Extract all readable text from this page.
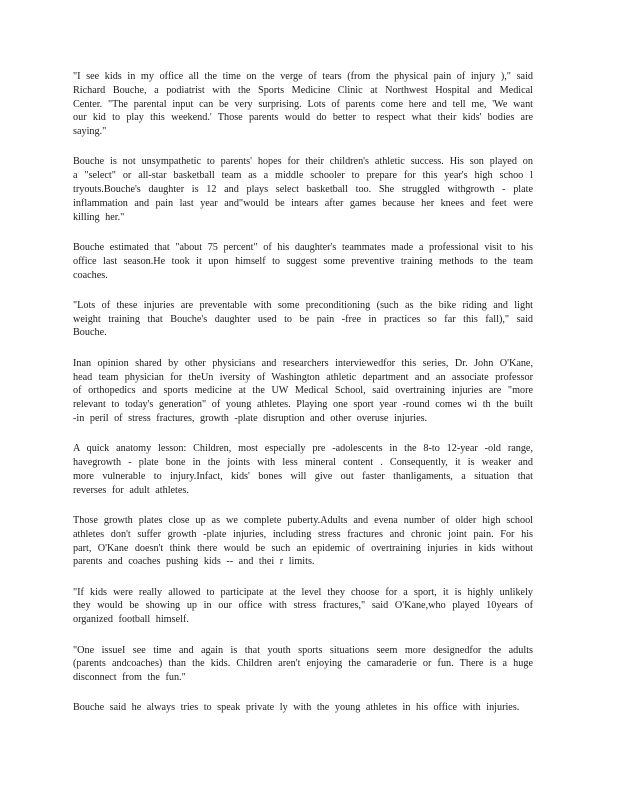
"I see kids in my office all the time on the verge of tears (from the physical pain of injury )," said Richard Bouche, a podiatrist with the Sports Medicine Clinic at Northwest Hospital and Medical Center. "The parental input can be very surprising. Lots of parents come here and tell me, 'We want our kid to play this weekend.' Those parents would do better to respect what their kids' bodies are saying."

Bouche is not unsympathetic to parents' hopes for their children's athletic success. His son played on a "select" or all-star basketball team as a middle schooler to prepare for this year's high schoo l tryouts.Bouche's daughter is 12 and plays select basketball too. She struggled withgrowth - plate inflammation and pain last year and"would be intears after games because her knees and feet were killing her."

Bouche estimated that "about 75 percent" of his daughter's teammates made a professional visit to his office last season.He took it upon himself to suggest some preventive training methods to the team coaches.

"Lots of these injuries are preventable with some preconditioning (such as the bike riding and light weight training that Bouche's daughter used to be pain -free in practices so far this fall)," said Bouche.

Inan opinion shared by other physicians and researchers interviewedfor this series, Dr. John O'Kane, head team physician for theUn iversity of Washington athletic department and an associate professor of orthopedics and sports medicine at the UW Medical School, said overtraining injuries are "more relevant to today's generation" of young athletes. Playing one sport year -round comes wi th the built -in peril of stress fractures, growth -plate disruption and other overuse injuries.

A quick anatomy lesson: Children, most especially pre -adolescents in the 8-to 12-year -old range, havegrowth - plate bone in the joints with less mineral content . Consequently, it is weaker and more vulnerable to injury.Infact, kids' bones will give out faster thanligaments, a situation that reverses for adult athletes.

Those growth plates close up as we complete puberty.Adults and evena number of older high school athletes don't suffer growth -plate injuries, including stress fractures and chronic joint pain. For his part, O'Kane doesn't think there would be such an epidemic of overtraining injuries in kids without parents and coaches pushing kids -- and thei r limits.

"If kids were really allowed to participate at the level they choose for a sport, it is highly unlikely they would be showing up in our office with stress fractures," said O'Kane,who played 10years of organized football himself.

"One issueI see time and again is that youth sports situations seem more designedfor the adults (parents andcoaches) than the kids. Children aren't enjoying the camaraderie or fun. There is a huge disconnect from the fun."

Bouche said he always tries to speak private ly with the young athletes in his office with injuries.
